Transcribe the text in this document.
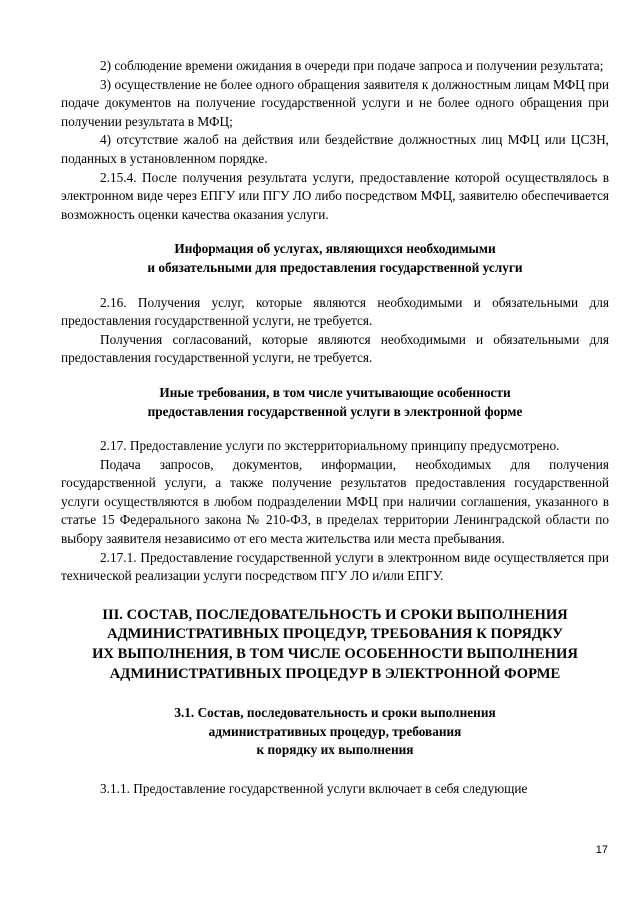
2) соблюдение времени ожидания в очереди при подаче запроса и получении результата;

3) осуществление не более одного обращения заявителя к должностным лицам МФЦ при подаче документов на получение государственной услуги и не более одного обращения при получении результата в МФЦ;

4) отсутствие жалоб на действия или бездействие должностных лиц МФЦ или ЦСЗН, поданных в установленном порядке.

2.15.4. После получения результата услуги, предоставление которой осуществлялось в электронном виде через ЕПГУ или ПГУ ЛО либо посредством МФЦ, заявителю обеспечивается возможность оценки качества оказания услуги.

Информация об услугах, являющихся необходимыми
и обязательными для предоставления государственной услуги

2.16. Получения услуг, которые являются необходимыми и обязательными для предоставления государственной услуги, не требуется.

Получения согласований, которые являются необходимыми и обязательными для предоставления государственной услуги, не требуется.

Иные требования, в том числе учитывающие особенности
предоставления государственной услуги в электронной форме

2.17. Предоставление услуги по экстерриториальному принципу предусмотрено.

Подача запросов, документов, информации, необходимых для получения государственной услуги, а также получение результатов предоставления государственной услуги осуществляются в любом подразделении МФЦ при наличии соглашения, указанного в статье 15 Федерального закона № 210-ФЗ, в пределах территории Ленинградской области по выбору заявителя независимо от его места жительства или места пребывания.

2.17.1. Предоставление государственной услуги в электронном виде осуществляется при технической реализации услуги посредством ПГУ ЛО и/или ЕПГУ.

III. СОСТАВ, ПОСЛЕДОВАТЕЛЬНОСТЬ И СРОКИ ВЫПОЛНЕНИЯ
АДМИНИСТРАТИВНЫХ ПРОЦЕДУР, ТРЕБОВАНИЯ К ПОРЯДКУ
ИХ ВЫПОЛНЕНИЯ, В ТОМ ЧИСЛЕ ОСОБЕННОСТИ ВЫПОЛНЕНИЯ
АДМИНИСТРАТИВНЫХ ПРОЦЕДУР В ЭЛЕКТРОННОЙ ФОРМЕ
3.1. Состав, последовательность и сроки выполнения
административных процедур, требования
к порядку их выполнения

3.1.1. Предоставление государственной услуги включает в себя следующие

17
